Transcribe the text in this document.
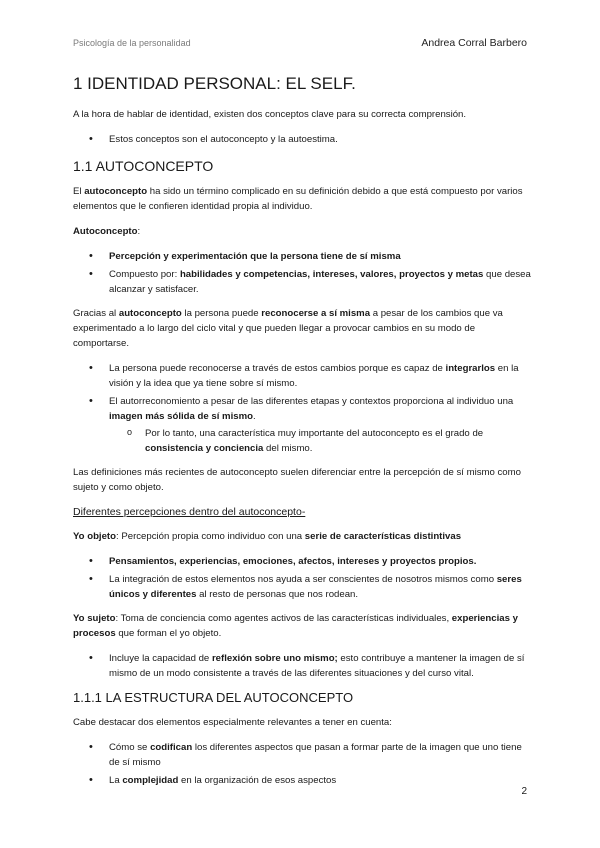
Psicología de la personalidad	Andrea Corral Barbero
1 IDENTIDAD PERSONAL: EL SELF.

A la hora de hablar de identidad, existen dos conceptos clave para su correcta comprensión.

• Estos conceptos son el autoconcepto y la autoestima.
1.1 AUTOCONCEPTO

El autoconcepto ha sido un término complicado en su definición debido a que está compuesto por varios elementos que le confieren identidad propia al individuo.

Autoconcepto:

• Percepción y experimentación que la persona tiene de sí misma
• Compuesto por: habilidades y competencias, intereses, valores, proyectos y metas que desea alcanzar y satisfacer.

Gracias al autoconcepto la persona puede reconocerse a sí misma a pesar de los cambios que va experimentado a lo largo del ciclo vital y que pueden llegar a provocar cambios en su modo de comportarse.

• La persona puede reconocerse a través de estos cambios porque es capaz de integrarlos en la visión y la idea que ya tiene sobre sí mismo.
• El autorreconomiento a pesar de las diferentes etapas y contextos proporciona al individuo una imagen más sólida de sí mismo.
o Por lo tanto, una característica muy importante del autoconcepto es el grado de consistencia y conciencia del mismo.

Las definiciones más recientes de autoconcepto suelen diferenciar entre la percepción de sí mismo como sujeto y como objeto.

Diferentes percepciones dentro del autoconcepto-

Yo objeto: Percepción propia como individuo con una serie de características distintivas

• Pensamientos, experiencias, emociones, afectos, intereses y proyectos propios.
• La integración de estos elementos nos ayuda a ser conscientes de nosotros mismos como seres únicos y diferentes al resto de personas que nos rodean.

Yo sujeto: Toma de conciencia como agentes activos de las características individuales, experiencias y procesos que forman el yo objeto.

• Incluye la capacidad de reflexión sobre uno mismo; esto contribuye a mantener la imagen de sí mismo de un modo consistente a través de las diferentes situaciones y del curso vital.
1.1.1 LA ESTRUCTURA DEL AUTOCONCEPTO

Cabe destacar dos elementos especialmente relevantes a tener en cuenta:

• Cómo se codifican los diferentes aspectos que pasan a formar parte de la imagen que uno tiene de sí mismo
• La complejidad en la organización de esos aspectos
2
